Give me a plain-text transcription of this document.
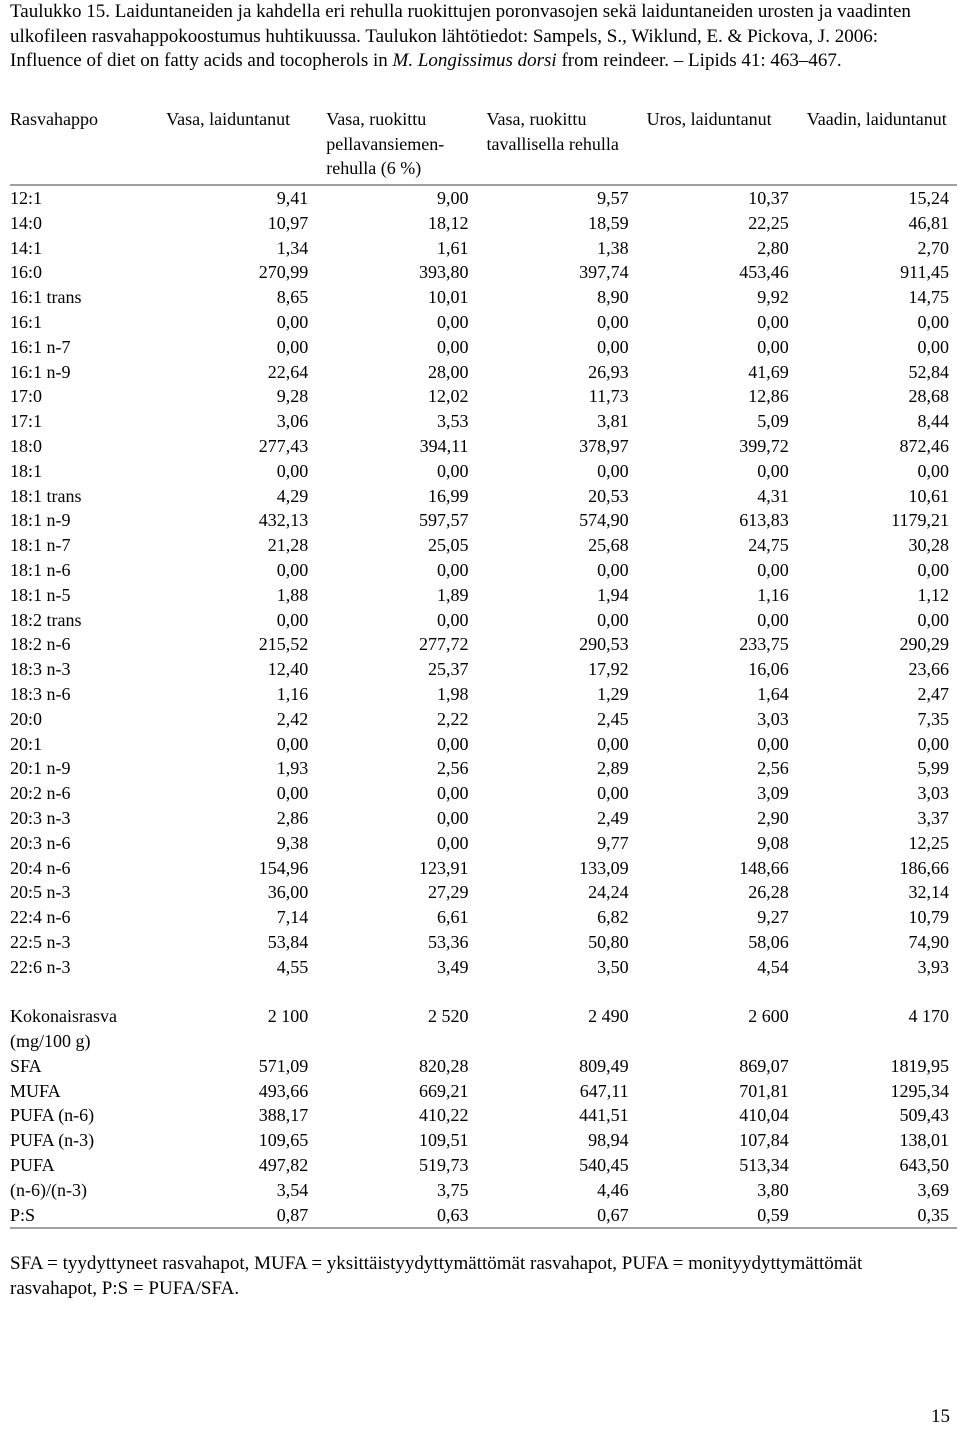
Taulukko 15. Laiduntaneiden ja kahdella eri rehulla ruokittujen poronvasojen sekä laiduntaneiden urosten ja vaadinten ulkofileen rasvahappokoostumus huhtikuussa. Taulukon lähtötiedot: Sampels, S., Wiklund, E. & Pickova, J. 2006: Influence of diet on fatty acids and tocopherols in M. Longissimus dorsi from reindeer. – Lipids 41: 463–467.
Rasvahappo	Vasa, laiduntanut	Vasa, ruokittu pellavansiemen-rehulla (6 %)	Vasa, ruokittu tavallisella rehulla	Uros, laiduntanut	Vaadin, laiduntanut
12:1	9,41	9,00	9,57	10,37	15,24
14:0	10,97	18,12	18,59	22,25	46,81
14:1	1,34	1,61	1,38	2,80	2,70
16:0	270,99	393,80	397,74	453,46	911,45
16:1 trans	8,65	10,01	8,90	9,92	14,75
16:1	0,00	0,00	0,00	0,00	0,00
16:1 n-7	0,00	0,00	0,00	0,00	0,00
16:1 n-9	22,64	28,00	26,93	41,69	52,84
17:0	9,28	12,02	11,73	12,86	28,68
17:1	3,06	3,53	3,81	5,09	8,44
18:0	277,43	394,11	378,97	399,72	872,46
18:1	0,00	0,00	0,00	0,00	0,00
18:1 trans	4,29	16,99	20,53	4,31	10,61
18:1 n-9	432,13	597,57	574,90	613,83	1179,21
18:1 n-7	21,28	25,05	25,68	24,75	30,28
18:1 n-6	0,00	0,00	0,00	0,00	0,00
18:1 n-5	1,88	1,89	1,94	1,16	1,12
18:2 trans	0,00	0,00	0,00	0,00	0,00
18:2 n-6	215,52	277,72	290,53	233,75	290,29
18:3 n-3	12,40	25,37	17,92	16,06	23,66
18:3 n-6	1,16	1,98	1,29	1,64	2,47
20:0	2,42	2,22	2,45	3,03	7,35
20:1	0,00	0,00	0,00	0,00	0,00
20:1 n-9	1,93	2,56	2,89	2,56	5,99
20:2 n-6	0,00	0,00	0,00	3,09	3,03
20:3 n-3	2,86	0,00	2,49	2,90	3,37
20:3 n-6	9,38	0,00	9,77	9,08	12,25
20:4 n-6	154,96	123,91	133,09	148,66	186,66
20:5 n-3	36,00	27,29	24,24	26,28	32,14
22:4 n-6	7,14	6,61	6,82	9,27	10,79
22:5 n-3	53,84	53,36	50,80	58,06	74,90
22:6 n-3	4,55	3,49	3,50	4,54	3,93

Kokonaisrasva	2 100	2 520	2 490	2 600	4 170
(mg/100 g)					
SFA	571,09	820,28	809,49	869,07	1819,95
MUFA	493,66	669,21	647,11	701,81	1295,34
PUFA (n-6)	388,17	410,22	441,51	410,04	509,43
PUFA (n-3)	109,65	109,51	98,94	107,84	138,01
PUFA	497,82	519,73	540,45	513,34	643,50
(n-6)/(n-3)	3,54	3,75	4,46	3,80	3,69
P:S	0,87	0,63	0,67	0,59	0,35
SFA = tyydyttyneet rasvahapot, MUFA = yksittäistyydyttymättömät rasvahapot, PUFA = monityydyttymättömät rasvahapot, P:S = PUFA/SFA.
15
